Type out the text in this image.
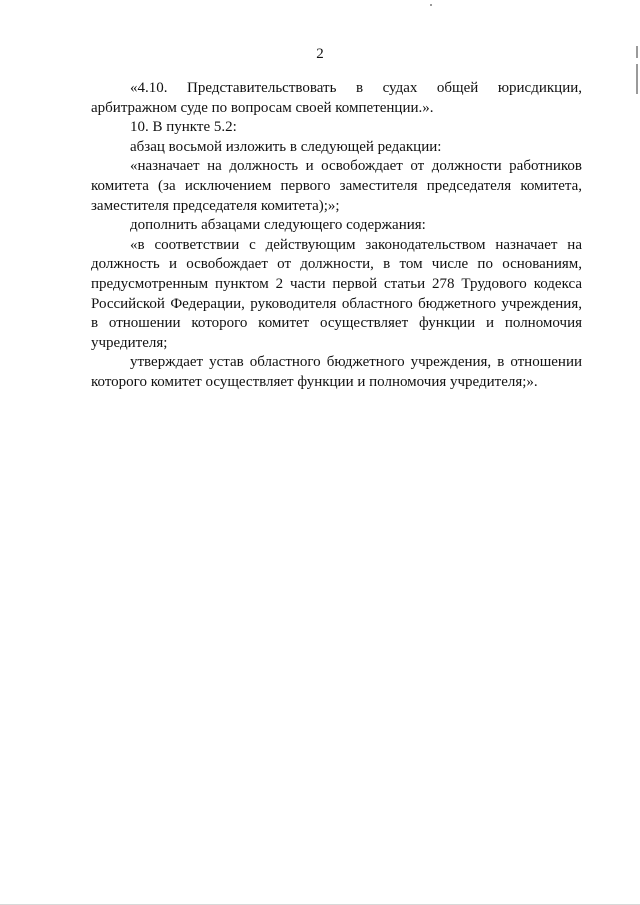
2

«4.10. Представительствовать в судах общей юрисдикции, арбитражном суде по вопросам своей компетенции.».

10. В пункте 5.2:

абзац восьмой изложить в следующей редакции:

«назначает на должность и освобождает от должности работников комитета (за исключением первого заместителя председателя комитета, заместителя председателя комитета);»;

дополнить абзацами следующего содержания:

«в соответствии с действующим законодательством назначает на должность и освобождает от должности, в том числе по основаниям, предусмотренным пунктом 2 части первой статьи 278 Трудового кодекса Российской Федерации, руководителя областного бюджетного учреждения, в отношении которого комитет осуществляет функции и полномочия учредителя;

утверждает устав областного бюджетного учреждения, в отношении которого комитет осуществляет функции и полномочия учредителя;».
